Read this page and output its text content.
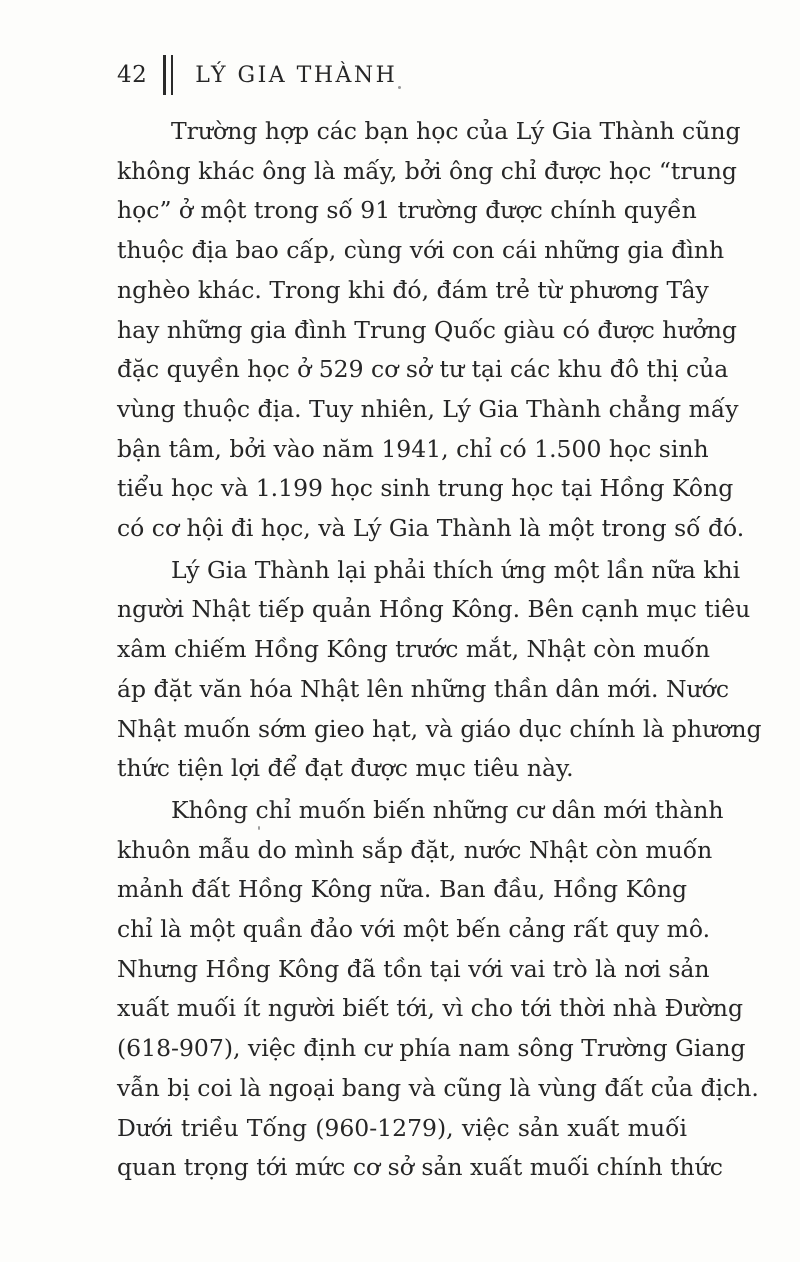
42 LÝ GIA THÀNH
Trường hợp các bạn học của Lý Gia Thành cũng
không khác ông là mấy, bởi ông chỉ được học “trung
học” ở một trong số 91 trường được chính quyền
thuộc địa bao cấp, cùng với con cái những gia đình
nghèo khác. Trong khi đó, đám trẻ từ phương Tây
hay những gia đình Trung Quốc giàu có được hưởng
đặc quyền học ở 529 cơ sở tư tại các khu đô thị của
vùng thuộc địa. Tuy nhiên, Lý Gia Thành chẳng mấy
bận tâm, bởi vào năm 1941, chỉ có 1.500 học sinh
tiểu học và 1.199 học sinh trung học tại Hồng Kông
có cơ hội đi học, và Lý Gia Thành là một trong số đó.
Lý Gia Thành lại phải thích ứng một lần nữa khi
người Nhật tiếp quản Hồng Kông. Bên cạnh mục tiêu
xâm chiếm Hồng Kông trước mắt, Nhật còn muốn
áp đặt văn hóa Nhật lên những thần dân mới. Nước
Nhật muốn sớm gieo hạt, và giáo dục chính là phương
thức tiện lợi để đạt được mục tiêu này.
Không chỉ muốn biến những cư dân mới thành
khuôn mẫu do mình sắp đặt, nước Nhật còn muốn
mảnh đất Hồng Kông nữa. Ban đầu, Hồng Kông
chỉ là một quần đảo với một bến cảng rất quy mô.
Nhưng Hồng Kông đã tồn tại với vai trò là nơi sản
xuất muối ít người biết tới, vì cho tới thời nhà Đường
(618-907), việc định cư phía nam sông Trường Giang
vẫn bị coi là ngoại bang và cũng là vùng đất của địch.
Dưới triều Tống (960-1279), việc sản xuất muối
quan trọng tới mức cơ sở sản xuất muối chính thức
